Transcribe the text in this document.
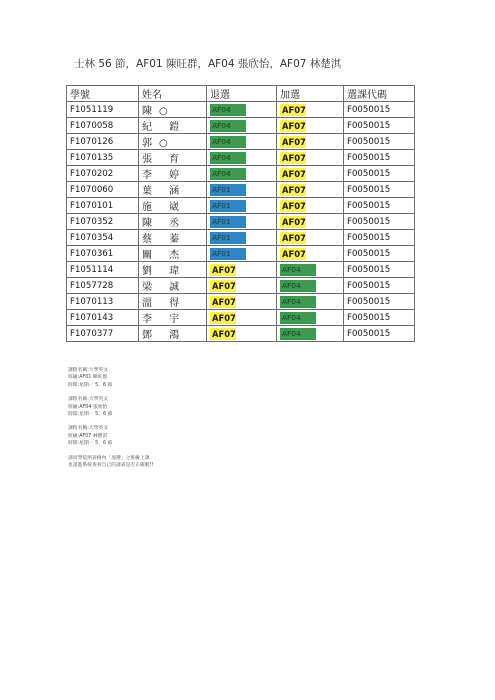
士林 56 節，AF01 陳旺群，AF04 張欣怡，AF07 林楚淇
學號	姓名	退選	加選	選課代碼
F1051119	陳○	AF04	AF07	F0050015
F1070058	紀 鎧	AF04	AF07	F0050015
F1070126	郭○	AF04	AF07	F0050015
F1070135	張 育	AF04	AF07	F0050015
F1070202	李 婷	AF04	AF07	F0050015
F1070060	葉 涵	AF01	AF07	F0050015
F1070101	施 崴	AF01	AF07	F0050015
F1070352	陳 丞	AF01	AF07	F0050015
F1070354	蔡 蓁	AF01	AF07	F0050015
F1070361	關 杰	AF01	AF07	F0050015
F1051114	劉 瑋	AF07	AF04	F0050015
F1057728	梁 誠	AF07	AF04	F0050015
F1070113	溫 得	AF07	AF04	F0050015
F1070143	李 宇	AF07	AF04	F0050015
F1070377	鄧 鴻	AF07	AF04	F0050015

課程名稱:大學英文

班級:AF01 陳旺群

時間:星期一 5、6 節

課程名稱:大學英文

班級:AF04 張欣怡

時間:星期一 5、6 節

課程名稱:大學英文

班級:AF07 林楚淇

時間:星期一 5、6 節

請同學依照表格內「加選」之班級上課

也請進系統查看自己的課表是否正確喔!!
